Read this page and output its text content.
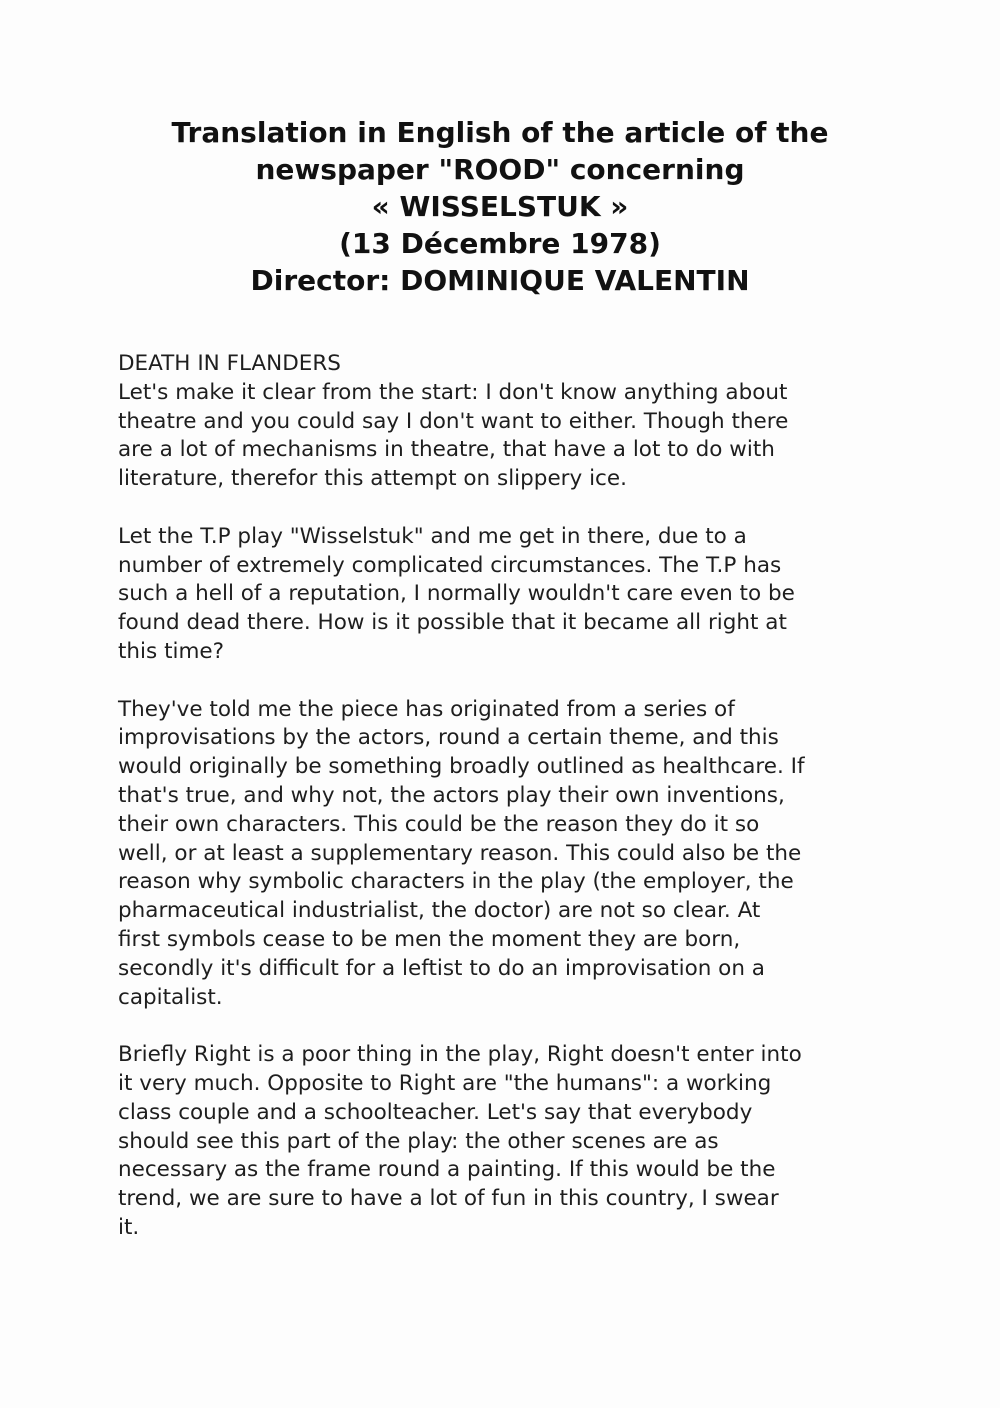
Translation in English of the article of the
newspaper "ROOD" concerning
« WISSELSTUK »
(13 Décembre 1978)
Director: DOMINIQUE VALENTIN
DEATH IN FLANDERS
Let's make it clear from the start: I don't know anything about
theatre and you could say I don't want to either. Though there
are a lot of mechanisms in theatre, that have a lot to do with
literature, therefor this attempt on slippery ice.
Let the T.P play "Wisselstuk" and me get in there, due to a
number of extremely complicated circumstances. The T.P has
such a hell of a reputation, I normally wouldn't care even to be
found dead there. How is it possible that it became all right at
this time?
They've told me the piece has originated from a series of
improvisations by the actors, round a certain theme, and this
would originally be something broadly outlined as healthcare. If
that's true, and why not, the actors play their own inventions,
their own characters. This could be the reason they do it so
well, or at least a supplementary reason. This could also be the
reason why symbolic characters in the play (the employer, the
pharmaceutical industrialist, the doctor) are not so clear. At
first symbols cease to be men the moment they are born,
secondly it's difficult for a leftist to do an improvisation on a
capitalist.
Briefly Right is a poor thing in the play, Right doesn't enter into
it very much. Opposite to Right are "the humans": a working
class couple and a schoolteacher. Let's say that everybody
should see this part of the play: the other scenes are as
necessary as the frame round a painting. If this would be the
trend, we are sure to have a lot of fun in this country, I swear
it.
